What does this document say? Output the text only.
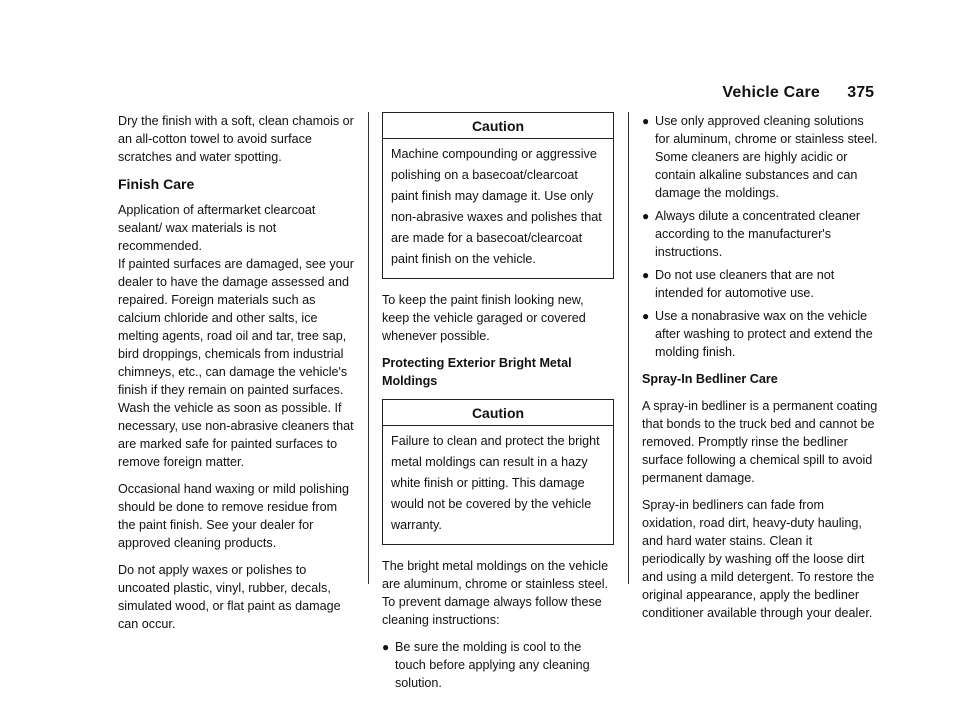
Vehicle Care 375

Dry the finish with a soft, clean chamois or an all-cotton towel to avoid surface scratches and water spotting.

Finish Care

Application of aftermarket clearcoat sealant/ wax materials is not recommended.

If painted surfaces are damaged, see your dealer to have the damage assessed and repaired. Foreign materials such as calcium chloride and other salts, ice melting agents, road oil and tar, tree sap, bird droppings, chemicals from industrial chimneys, etc., can damage the vehicle's finish if they remain on painted surfaces. Wash the vehicle as soon as possible. If necessary, use non-abrasive cleaners that are marked safe for painted surfaces to remove foreign matter.

Occasional hand waxing or mild polishing should be done to remove residue from the paint finish. See your dealer for approved cleaning products.

Do not apply waxes or polishes to uncoated plastic, vinyl, rubber, decals, simulated wood, or flat paint as damage can occur.

Caution
Machine compounding or aggressive polishing on a basecoat/clearcoat paint finish may damage it. Use only non-abrasive waxes and polishes that are made for a basecoat/clearcoat paint finish on the vehicle.

To keep the paint finish looking new, keep the vehicle garaged or covered whenever possible.

Protecting Exterior Bright Metal Moldings
Caution
Failure to clean and protect the bright metal moldings can result in a hazy white finish or pitting. This damage would not be covered by the vehicle warranty.

The bright metal moldings on the vehicle are aluminum, chrome or stainless steel. To prevent damage always follow these cleaning instructions:

● Be sure the molding is cool to the touch before applying any cleaning solution.
● Use only approved cleaning solutions for aluminum, chrome or stainless steel. Some cleaners are highly acidic or contain alkaline substances and can damage the moldings.
● Always dilute a concentrated cleaner according to the manufacturer's instructions.
● Do not use cleaners that are not intended for automotive use.
● Use a nonabrasive wax on the vehicle after washing to protect and extend the molding finish.
Spray-In Bedliner Care

A spray-in bedliner is a permanent coating that bonds to the truck bed and cannot be removed. Promptly rinse the bedliner surface following a chemical spill to avoid permanent damage.

Spray-in bedliners can fade from oxidation, road dirt, heavy-duty hauling, and hard water stains. Clean it periodically by washing off the loose dirt and using a mild detergent. To restore the original appearance, apply the bedliner conditioner available through your dealer.
